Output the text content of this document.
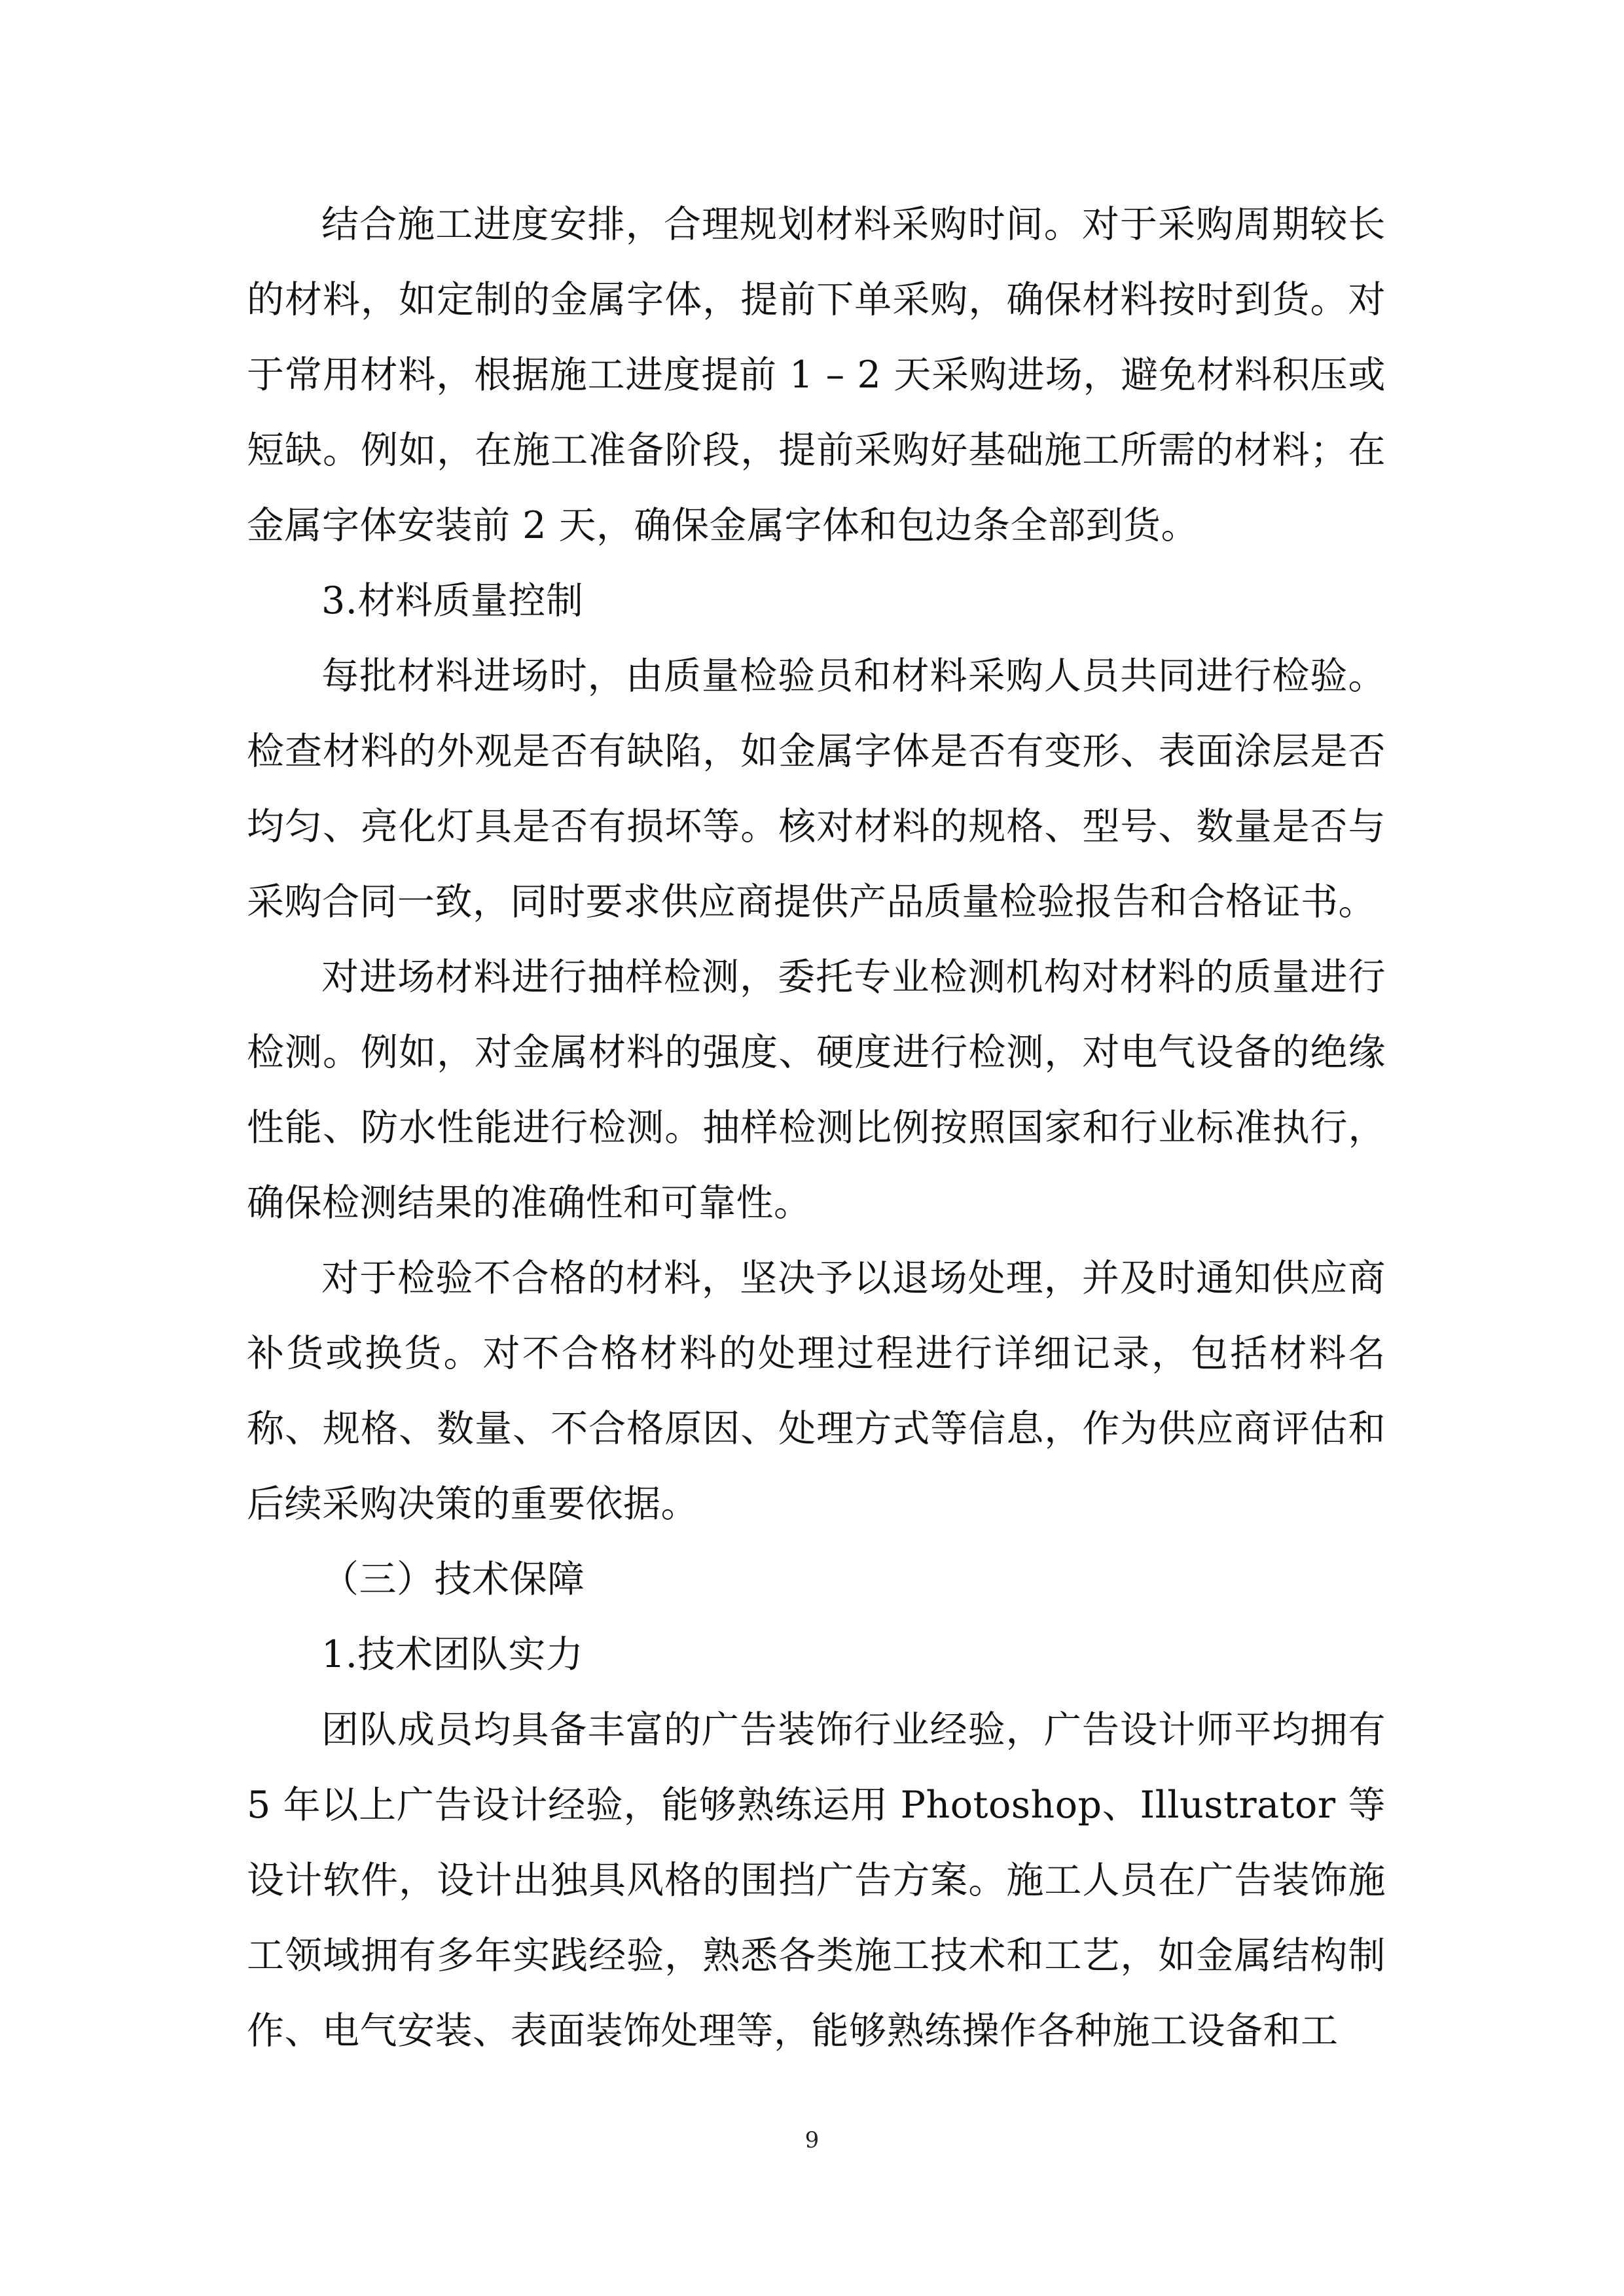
结合施工进度安排，合理规划材料采购时间。对于采购周期较长的材料，如定制的金属字体，提前下单采购，确保材料按时到货。对于常用材料，根据施工进度提前 1 – 2 天采购进场，避免材料积压或短缺。例如，在施工准备阶段，提前采购好基础施工所需的材料；在金属字体安装前 2 天，确保金属字体和包边条全部到货。

3.材料质量控制

每批材料进场时，由质量检验员和材料采购人员共同进行检验。检查材料的外观是否有缺陷，如金属字体是否有变形、表面涂层是否均匀、亮化灯具是否有损坏等。核对材料的规格、型号、数量是否与采购合同一致，同时要求供应商提供产品质量检验报告和合格证书。

对进场材料进行抽样检测，委托专业检测机构对材料的质量进行检测。例如，对金属材料的强度、硬度进行检测，对电气设备的绝缘性能、防水性能进行检测。抽样检测比例按照国家和行业标准执行，确保检测结果的准确性和可靠性。

对于检验不合格的材料，坚决予以退场处理，并及时通知供应商补货或换货。对不合格材料的处理过程进行详细记录，包括材料名称、规格、数量、不合格原因、处理方式等信息，作为供应商评估和后续采购决策的重要依据。

（三）技术保障

1.技术团队实力

团队成员均具备丰富的广告装饰行业经验，广告设计师平均拥有 5 年以上广告设计经验，能够熟练运用 Photoshop、Illustrator 等设计软件，设计出独具风格的围挡广告方案。施工人员在广告装饰施工领域拥有多年实践经验，熟悉各类施工技术和工艺，如金属结构制作、电气安装、表面装饰处理等，能够熟练操作各种施工设备和工

9
